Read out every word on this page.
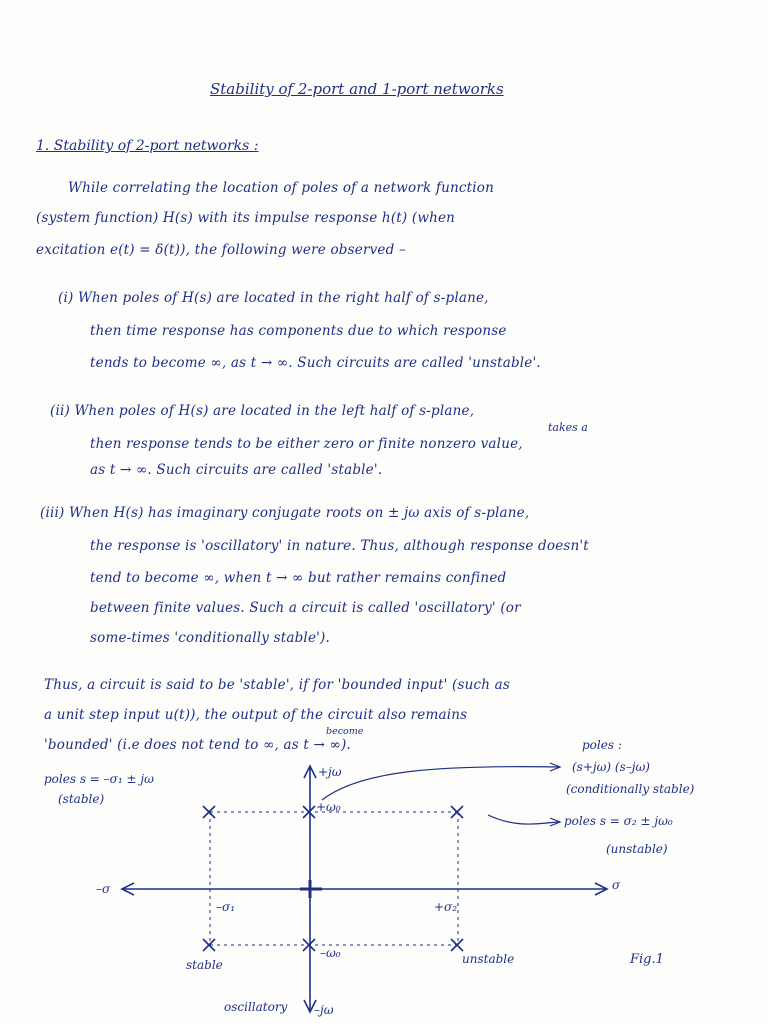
Stability of 2-port and 1-port networks
1. Stability of 2-port networks :
While correlating the location of poles of a network function
(system function) H(s) with its impulse response h(t) (when
excitation e(t) = δ(t)), the following were observed –
(i) When poles of H(s) are located in the right half of s-plane,
then time response has components due to which response
tends to become ∞, as t → ∞. Such circuits are called 'unstable'.
(ii) When poles of H(s) are located in the left half of s-plane,
takes a
then response tends to be either zero or finite nonzero value,
as t → ∞. Such circuits are called 'stable'.
(iii) When H(s) has imaginary conjugate roots on ± jω axis of s-plane,
the response is 'oscillatory' in nature. Thus, although response doesn't
tend to become ∞, when t → ∞ but rather remains confined
between finite values. Such a circuit is called 'oscillatory' (or
some-times 'conditionally stable').
Thus, a circuit is said to be 'stable', if for 'bounded input' (such as
a unit step input u(t)), the output of the circuit also remains
become
'bounded' (i.e does not tend to ∞, as t → ∞).
poles s = –σ₁ ± jω
(stable)
poles :
(s+jω) (s–jω)
(conditionally stable)
poles s = σ₂ ± jω₀
(unstable)
+jω
–jω
σ
–σ
+ω₀
–ω₀
–σ₁	+σ₂
stable	unstable
oscillatory
Fig.1
